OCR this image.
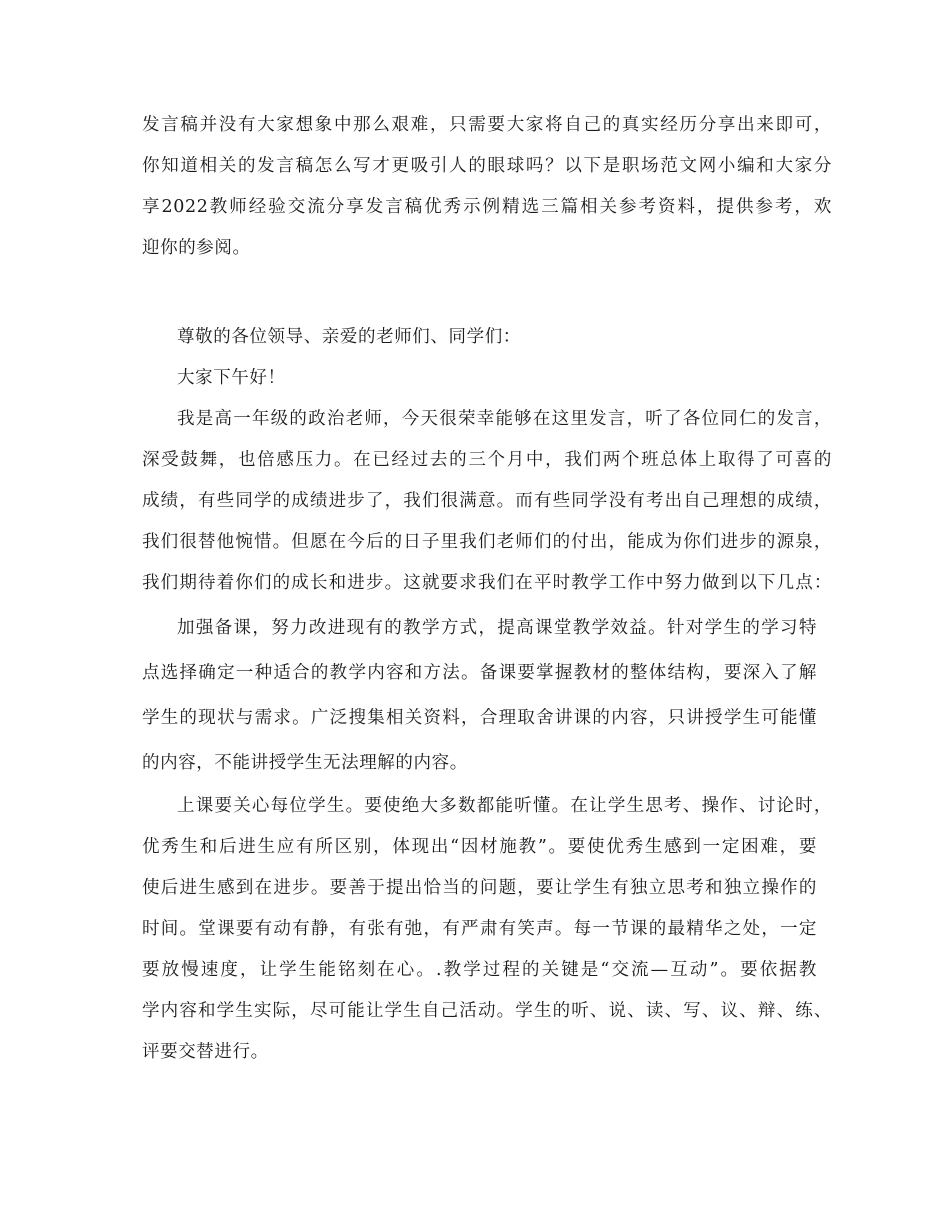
发言稿并没有大家想象中那么艰难，只需要大家将自己的真实经历分享出来即可，
你知道相关的发言稿怎么写才更吸引人的眼球吗？以下是职场范文网小编和大家分
享2022教师经验交流分享发言稿优秀示例精选三篇相关参考资料，提供参考，欢
迎你的参阅。
尊敬的各位领导、亲爱的老师们、同学们：
大家下午好！
我是高一年级的政治老师，今天很荣幸能够在这里发言，听了各位同仁的发言，
深受鼓舞，也倍感压力。在已经过去的三个月中，我们两个班总体上取得了可喜的
成绩，有些同学的成绩进步了，我们很满意。而有些同学没有考出自己理想的成绩，
我们很替他惋惜。但愿在今后的日子里我们老师们的付出，能成为你们进步的源泉，
我们期待着你们的成长和进步。这就要求我们在平时教学工作中努力做到以下几点：
加强备课，努力改进现有的教学方式，提高课堂教学效益。针对学生的学习特
点选择确定一种适合的教学内容和方法。备课要掌握教材的整体结构，要深入了解
学生的现状与需求。广泛搜集相关资料，合理取舍讲课的内容，只讲授学生可能懂
的内容，不能讲授学生无法理解的内容。
上课要关心每位学生。要使绝大多数都能听懂。在让学生思考、操作、讨论时，
优秀生和后进生应有所区别，体现出“因材施教”。要使优秀生感到一定困难，要
使后进生感到在进步。要善于提出恰当的问题，要让学生有独立思考和独立操作的
时间。堂课要有动有静，有张有弛，有严肃有笑声。每一节课的最精华之处，一定
要放慢速度，让学生能铭刻在心。.教学过程的关键是“交流—互动”。要依据教
学内容和学生实际，尽可能让学生自己活动。学生的听、说、读、写、议、辩、练、
评要交替进行。
